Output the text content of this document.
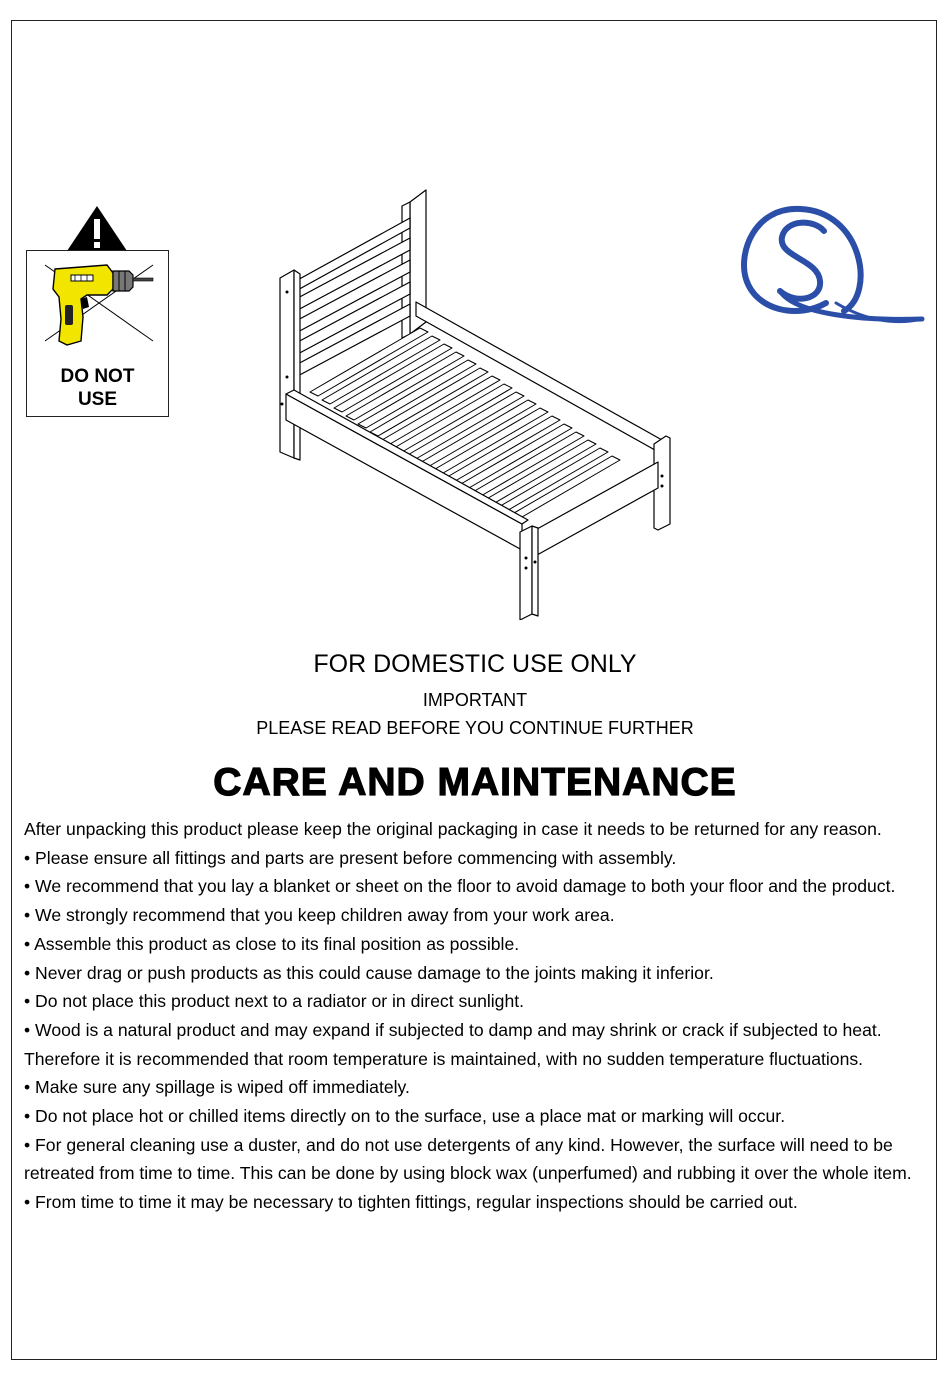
DO NOT
USE
FOR DOMESTIC USE ONLY
IMPORTANT
PLEASE READ BEFORE YOU CONTINUE FURTHER
CARE AND MAINTENANCE

After unpacking this product please keep the original packaging in case it needs to be returned for any reason.

• Please ensure all fittings and parts are present before commencing with assembly.

• We recommend that you lay a blanket or sheet on the floor to avoid damage to both your floor and the product.

• We strongly recommend that you keep children away from your work area.

• Assemble this product as close to its final position as possible.

• Never drag or push products as this could cause damage to the joints making it inferior.

• Do not place this product next to a radiator or in direct sunlight.

• Wood is a natural product and may expand if subjected to damp and may shrink or crack if subjected to heat. Therefore it is recommended that room temperature is maintained, with no sudden temperature fluctuations.

• Make sure any spillage is wiped off immediately.

• Do not place hot or chilled items directly on to the surface, use a place mat or marking will occur.

• For general cleaning use a duster, and do not use detergents of any kind. However, the surface will need to be retreated from time to time. This can be done by using block wax (unperfumed) and rubbing it over the whole item.

• From time to time it may be necessary to tighten fittings, regular inspections should be carried out.
